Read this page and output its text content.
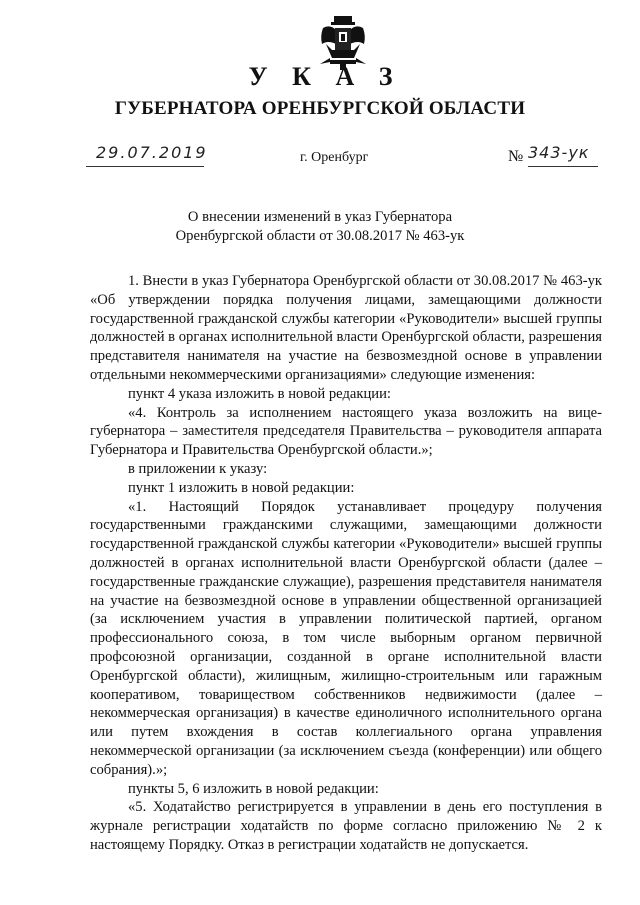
У К А З
ГУБЕРНАТОРА ОРЕНБУРГСКОЙ ОБЛАСТИ
29.07.2019	г. Оренбург	№ 343-ук
О внесении изменений в указ Губернатора
Оренбургской области от 30.08.2017 № 463-ук

1. Внести в указ Губернатора Оренбургской области от 30.08.2017 № 463-ук «Об утверждении порядка получения лицами, замещающими должности государственной гражданской службы категории «Руководители» высшей группы должностей в органах исполнительной власти Оренбургской области, разрешения представителя нанимателя на участие на безвозмездной основе в управлении отдельными некоммерческими организациями» следующие изменения:

пункт 4 указа изложить в новой редакции:

«4. Контроль за исполнением настоящего указа возложить на вице-губернатора – заместителя председателя Правительства – руководителя аппарата Губернатора и Правительства Оренбургской области.»;

в приложении к указу:

пункт 1 изложить в новой редакции:

«1. Настоящий Порядок устанавливает процедуру получения государственными гражданскими служащими, замещающими должности государственной гражданской службы категории «Руководители» высшей группы должностей в органах исполнительной власти Оренбургской области (далее – государственные гражданские служащие), разрешения представителя нанимателя на участие на безвозмездной основе в управлении общественной организацией (за исключением участия в управлении политической партией, органом профессионального союза, в том числе выборным органом первичной профсоюзной организации, созданной в органе исполнительной власти Оренбургской области), жилищным, жилищно-строительным или гаражным кооперативом, товариществом собственников недвижимости (далее – некоммерческая организация) в качестве единоличного исполнительного органа или путем вхождения в состав коллегиального органа управления некоммерческой организации (за исключением съезда (конференции) или общего собрания).»;

пункты 5, 6 изложить в новой редакции:

«5. Ходатайство регистрируется в управлении в день его поступления в журнале регистрации ходатайств по форме согласно приложению № 2 к настоящему Порядку. Отказ в регистрации ходатайств не допускается.
